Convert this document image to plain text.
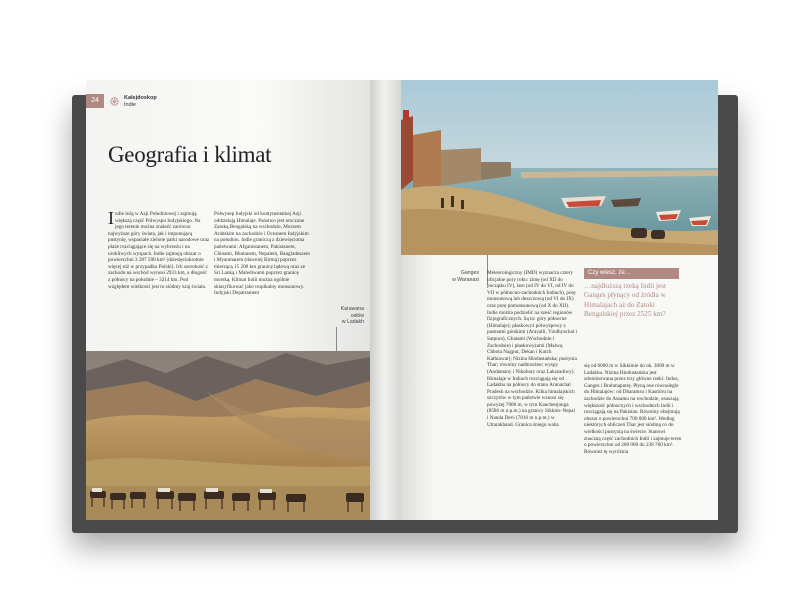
24	Kalejdoskop
Indie
Geografia i klimat
I ndie leżą w Azji Południowej i zajmują większą część Półwyspu Indyjskiego. Na jego terenie można znaleźć zarówno najwyższe góry świata, jak i imponującą pustynię, wspaniałe zielone parki narodowe oraz plaże rozciągające się na wybrzeżu i na urokliwych wyspach. Indie zajmują obszar o powierzchni 3 287 590 km² (dziesięciokrotnie więcej niż w przypadku Polski). Ich szerokość z zachodu na wschód wynosi 2933 km, a długość z północy na południe – 3214 km. Pod względem wielkości jest to siódmy kraj świata.
Półwysep Indyjski od kontynentalnej Azji oddzielają Himalaje. Państwo jest otoczone Zatoką Bengalską na wschodzie, Morzem Arabskim na zachodzie i Oceanem Indyjskim na południu. Indie graniczą z dziewięcioma państwami: Afganistanem, Pakistanem, Chinami, Bhutanem, Nepalem, Bangladeszem i Myanmarem (dawniej Birmą) poprzez mierzącą 15 200 km granicę lądową oraz ze Sri Lanką i Malediwami poprzez granicę morską. Klimat Indii można ogólnie sklasyfikować jako tropikalny monsunowy. Indyjski Departament
Karawana
osłów
w Ladakh
Ganges
w Waranasi
Meteorologiczny (IMD) wyznacza cztery oficjalne pory roku: zimę (od XII do początku IV), lato (od IV do VI, od IV do VII w północno-zachodnich Indiach), porę monsunową lub deszczową (od VI do IX) oraz porę pomonsunową (od X do XII). Indie można podzielić na sześć regionów fizjograficznych. Są to: góry północne (Himalaje); płaskowyż półwyspowy z pasmami górskimi (Aravalli, Vindhyachal i Satpura), Ghatami (Wschodnie i Zachodnie) i płaskowyżami (Malwa, Chhota Nagpur, Dekan i Kutch Kathiawar); Nizina Hindustańska; pustynia Thar; równiny nadbrzeżne; wyspy (Andamany i Nikobary oraz Lakszadiwy). Himalaje w Indiach rozciągają się od Ladakhu na północy do stanu Arunachal Pradesh na wschodzie. Kilka himalajskich szczytów w tym państwie wznosi się powyżej 7000 m, w tym Kanchenjunga (8586 m n.p.m.) na granicy Sikkim–Nepal i Nanda Devi (7816 m n.p.m.) w Uttarakhand. Granica śniegu waha
Czy wiesz, że…
…najdłuższą rzeką Indii jest Ganges płynący od źródła w Himalajach aż do Zatoki Bengalskiej przez 2525 km?
się od 6000 m w Sikkimie do ok. 3000 m w Ladakhu. Nizina Hindustańska jest zdominowana przez trzy główne rzeki: Indus, Ganges i Brahmaputrę. Płyną one równolegle do Himalajów: od Dharamsu i Kasmiru na zachodzie do Assamu na wschodzie, osuszają większość północnych i wschodnich Indii i rozciągają się na Pakistan. Równiny obejmują obszar o powierzchni 700 000 km². Według niektórych obliczeń Thar jest siódmą co do wielkości pustynią na świecie. Stanowi znaczną część zachodnich Indii i zajmuje teren o powierzchni od 200 000 do 238 700 km². Również tę wyróżnia
